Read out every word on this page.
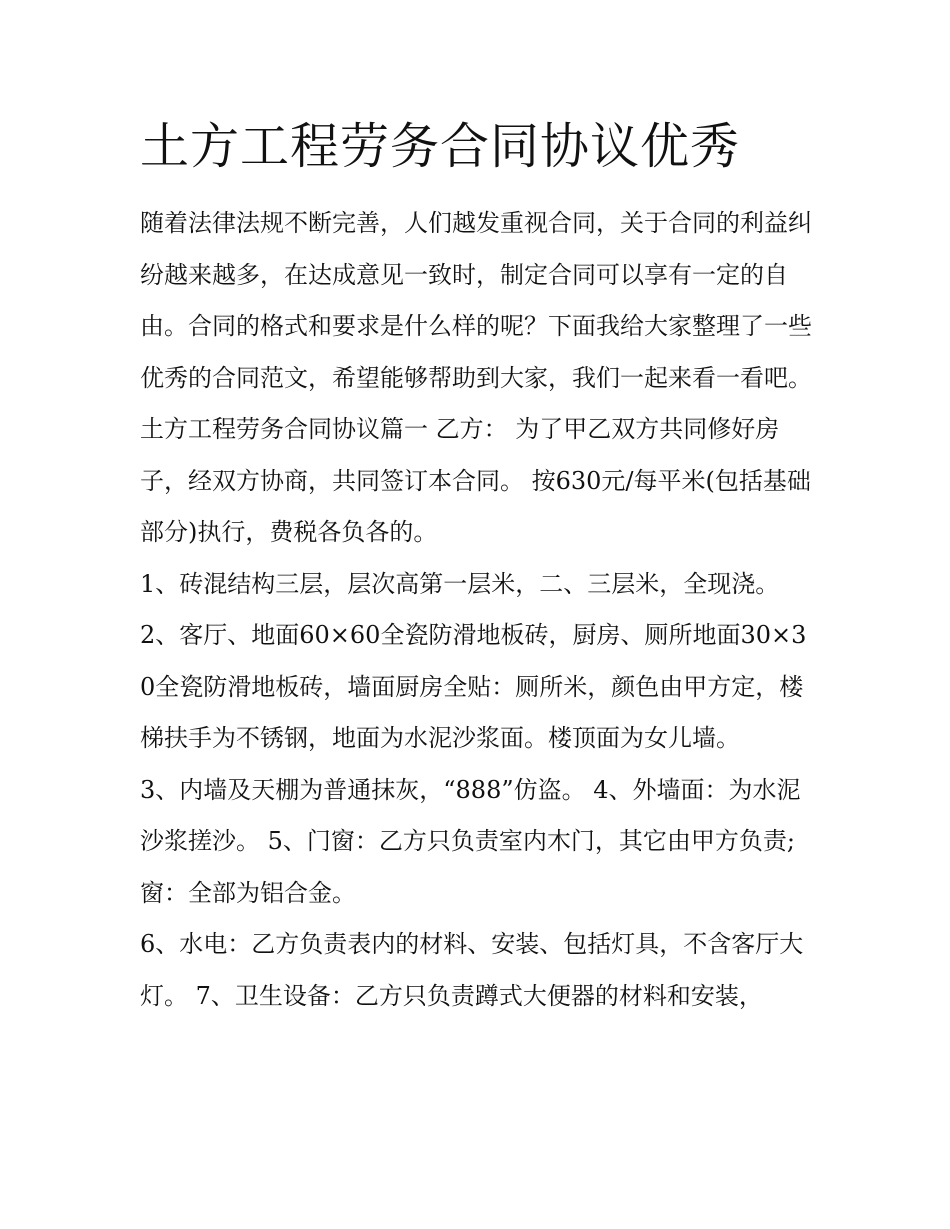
土方工程劳务合同协议优秀

随着法律法规不断完善，人们越发重视合同，关于合同的利益纠纷越来越多，在达成意见一致时，制定合同可以享有一定的自由。合同的格式和要求是什么样的呢？下面我给大家整理了一些优秀的合同范文，希望能够帮助到大家，我们一起来看一看吧。

土方工程劳务合同协议篇一 乙方： 为了甲乙双方共同修好房子，经双方协商，共同签订本合同。 按630元/每平米(包括基础部分)执行，费税各负各的。

1、砖混结构三层，层次高第一层米，二、三层米，全现浇。

2、客厅、地面60×60全瓷防滑地板砖，厨房、厕所地面30×30全瓷防滑地板砖，墙面厨房全贴：厕所米，颜色由甲方定，楼梯扶手为不锈钢，地面为水泥沙浆面。楼顶面为女儿墙。

3、内墙及天棚为普通抹灰，“888”仿盗。 4、外墙面：为水泥沙浆搓沙。 5、门窗：乙方只负责室内木门，其它由甲方负责;窗：全部为铝合金。

6、水电：乙方负责表内的材料、安装、包括灯具，不含客厅大灯。 7、卫生设备：乙方只负责蹲式大便器的材料和安装，
